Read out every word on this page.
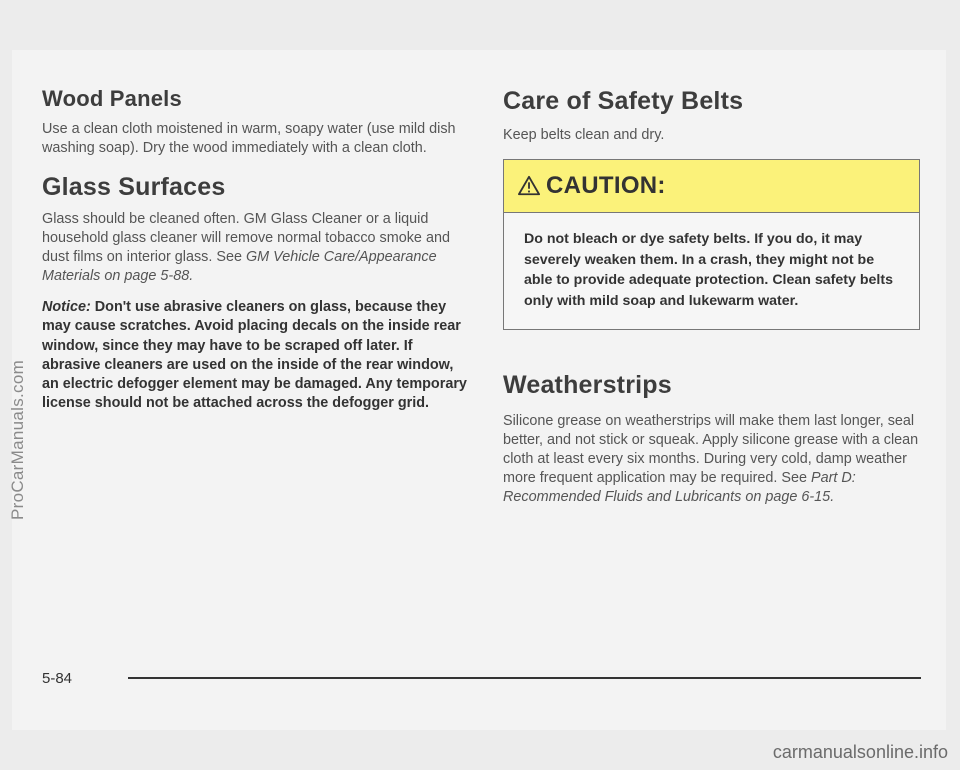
Wood Panels

Use a clean cloth moistened in warm, soapy water (use mild dish washing soap). Dry the wood immediately with a clean cloth.

Glass Surfaces

Glass should be cleaned often. GM Glass Cleaner or a liquid household glass cleaner will remove normal tobacco smoke and dust films on interior glass. See GM Vehicle Care/Appearance Materials on page 5-88.

Notice: Don't use abrasive cleaners on glass, because they may cause scratches. Avoid placing decals on the inside rear window, since they may have to be scraped off later. If abrasive cleaners are used on the inside of the rear window, an electric defogger element may be damaged. Any temporary license should not be attached across the defogger grid.

Care of Safety Belts

Keep belts clean and dry.

CAUTION:
Do not bleach or dye safety belts. If you do, it may severely weaken them. In a crash, they might not be able to provide adequate protection. Clean safety belts only with mild soap and lukewarm water.
Weatherstrips

Silicone grease on weatherstrips will make them last longer, seal better, and not stick or squeak. Apply silicone grease with a clean cloth at least every six months. During very cold, damp weather more frequent application may be required. See Part D: Recommended Fluids and Lubricants on page 6-15.

5-84
ProCarManuals.com
carmanualsonline.info
